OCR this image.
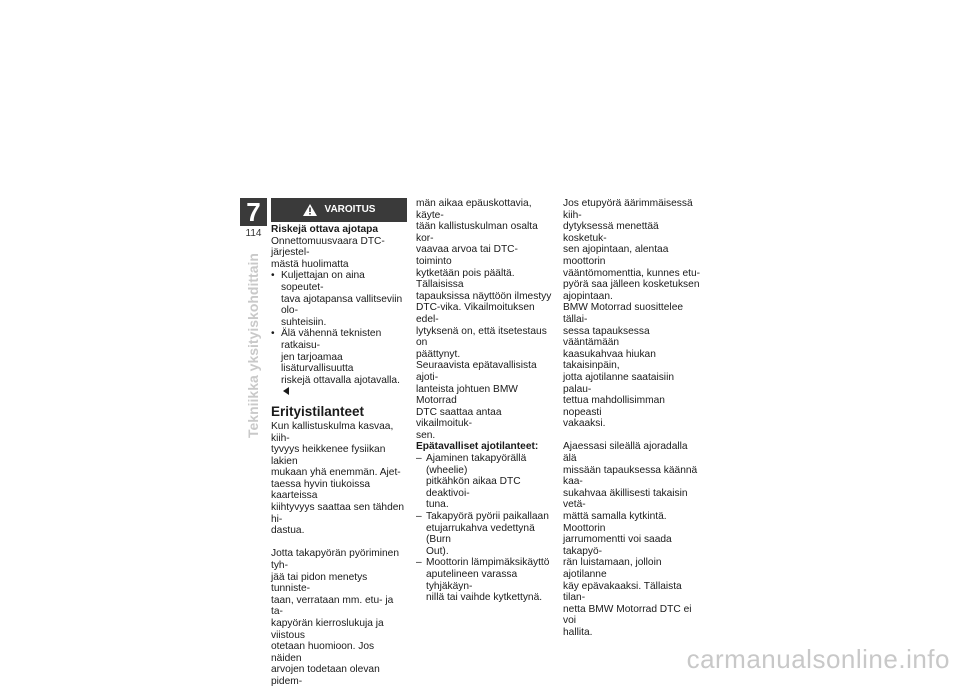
7
114
Tekniikka yksityiskohdittain
VAROITUS

Riskejä ottava ajotapa

Onnettomuusvaara DTC-järjestel-
mästä huolimatta

• Kuljettajan on aina sopeutet-
tava ajotapansa vallitseviin olo-
suhteisiin.
• Älä vähennä teknisten ratkaisu-
jen tarjoamaa lisäturvallisuutta
riskejä ottavalla ajotavalla.
Erityistilanteet

Kun kallistuskulma kasvaa, kiih-
tyvyys heikkenee fysiikan lakien
mukaan yhä enemmän. Ajet-
taessa hyvin tiukoissa kaarteissa
kiihtyvyys saattaa sen tähden hi-
dastua.

Jotta takapyörän pyöriminen tyh-
jää tai pidon menetys tunniste-
taan, verrataan mm. etu- ja ta-
kapyörän kierroslukuja ja viistous
otetaan huomioon. Jos näiden
arvojen todetaan olevan pidem-

män aikaa epäuskottavia, käyte-
tään kallistuskulman osalta kor-
vaavaa arvoa tai DTC-toiminto
kytketään pois päältä. Tällaisissa
tapauksissa näyttöön ilmestyy
DTC-vika. Vikailmoituksen edel-
lytyksenä on, että itsetestaus on
päättynyt.

Seuraavista epätavallisista ajoti-
lanteista johtuen BMW Motorrad
DTC saattaa antaa vikailmoituk-
sen.

Epätavalliset ajotilanteet:

– Ajaminen takapyörällä (wheelie)
pitkähkön aikaa DTC deaktivoi-
tuna.
– Takapyörä pyörii paikallaan
etujarrukahva vedettynä (Burn
Out).
– Moottorin lämpimäksikäyttö
aputelineen varassa tyhjäkäyn-
nillä tai vaihde kytkettynä.

Jos etupyörä äärimmäisessä kiih-
dytyksessä menettää kosketuk-
sen ajopintaan, alentaa moottorin
vääntömomenttia, kunnes etu-
pyörä saa jälleen kosketuksen
ajopintaan.

BMW Motorrad suosittelee tällai-
sessa tapauksessa vääntämään
kaasukahvaa hiukan takaisinpäin,
jotta ajotilanne saataisiin palau-
tettua mahdollisimman nopeasti
vakaaksi.

Ajaessasi sileällä ajoradalla älä
missään tapauksessa käännä kaa-
sukahvaa äkillisesti takaisin vetä-
mättä samalla kytkintä. Moottorin
jarrumomentti voi saada takapyö-
rän luistamaan, jolloin ajotilanne
käy epävakaaksi. Tällaista tilan-
netta BMW Motorrad DTC ei voi
hallita.

carmanualsonline.info
